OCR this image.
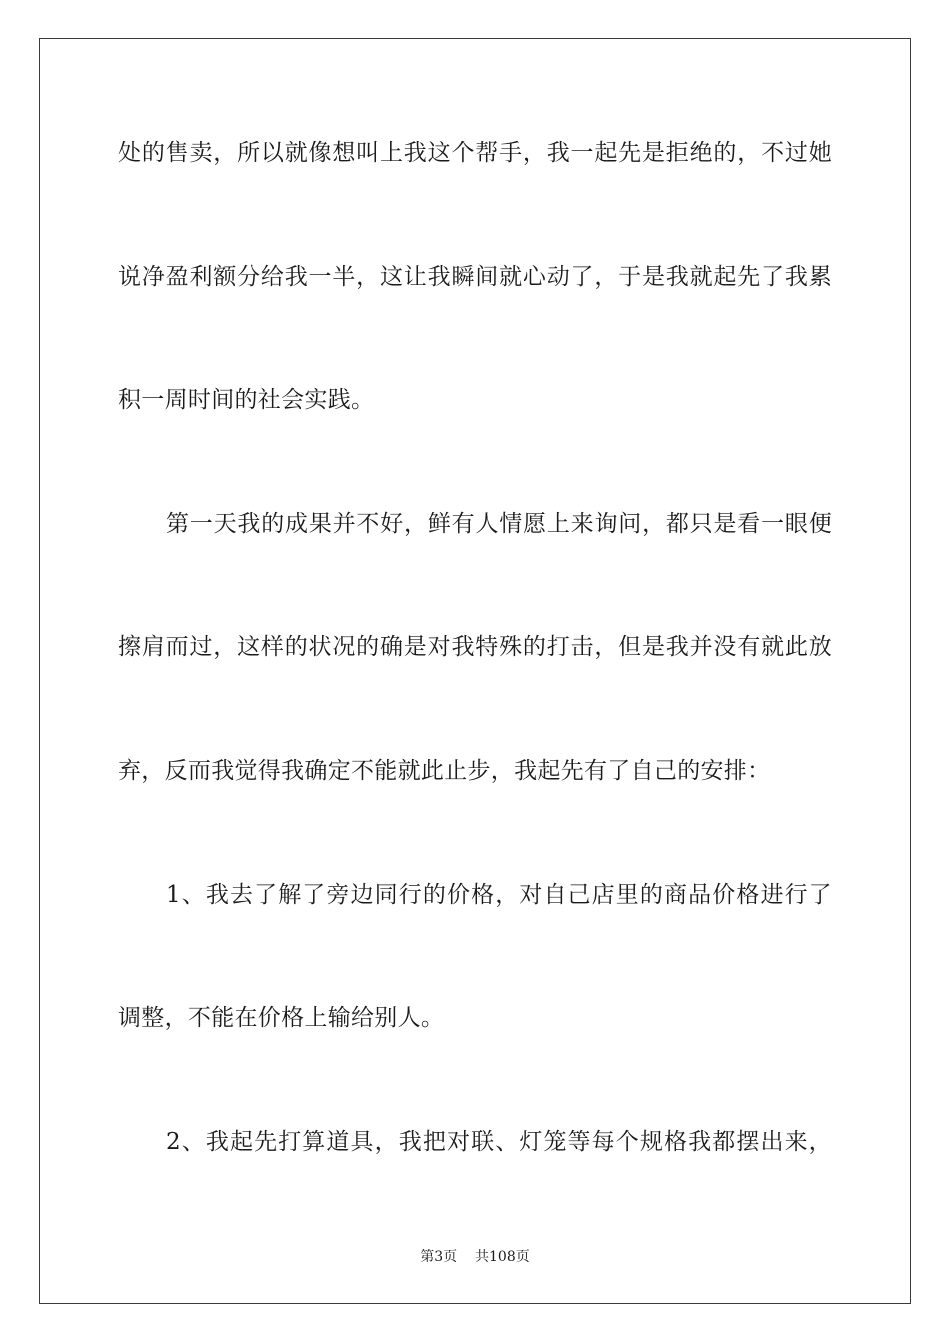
处的售卖，所以就像想叫上我这个帮手，我一起先是拒绝的，不过她
说净盈利额分给我一半，这让我瞬间就心动了，于是我就起先了我累
积一周时间的社会实践。
第一天我的成果并不好，鲜有人情愿上来询问，都只是看一眼便
擦肩而过，这样的状况的确是对我特殊的打击，但是我并没有就此放
弃，反而我觉得我确定不能就此止步，我起先有了自己的安排：
1、我去了解了旁边同行的价格，对自己店里的商品价格进行了
调整，不能在价格上输给别人。
2、我起先打算道具，我把对联、灯笼等每个规格我都摆出来，
第3页 共108页
